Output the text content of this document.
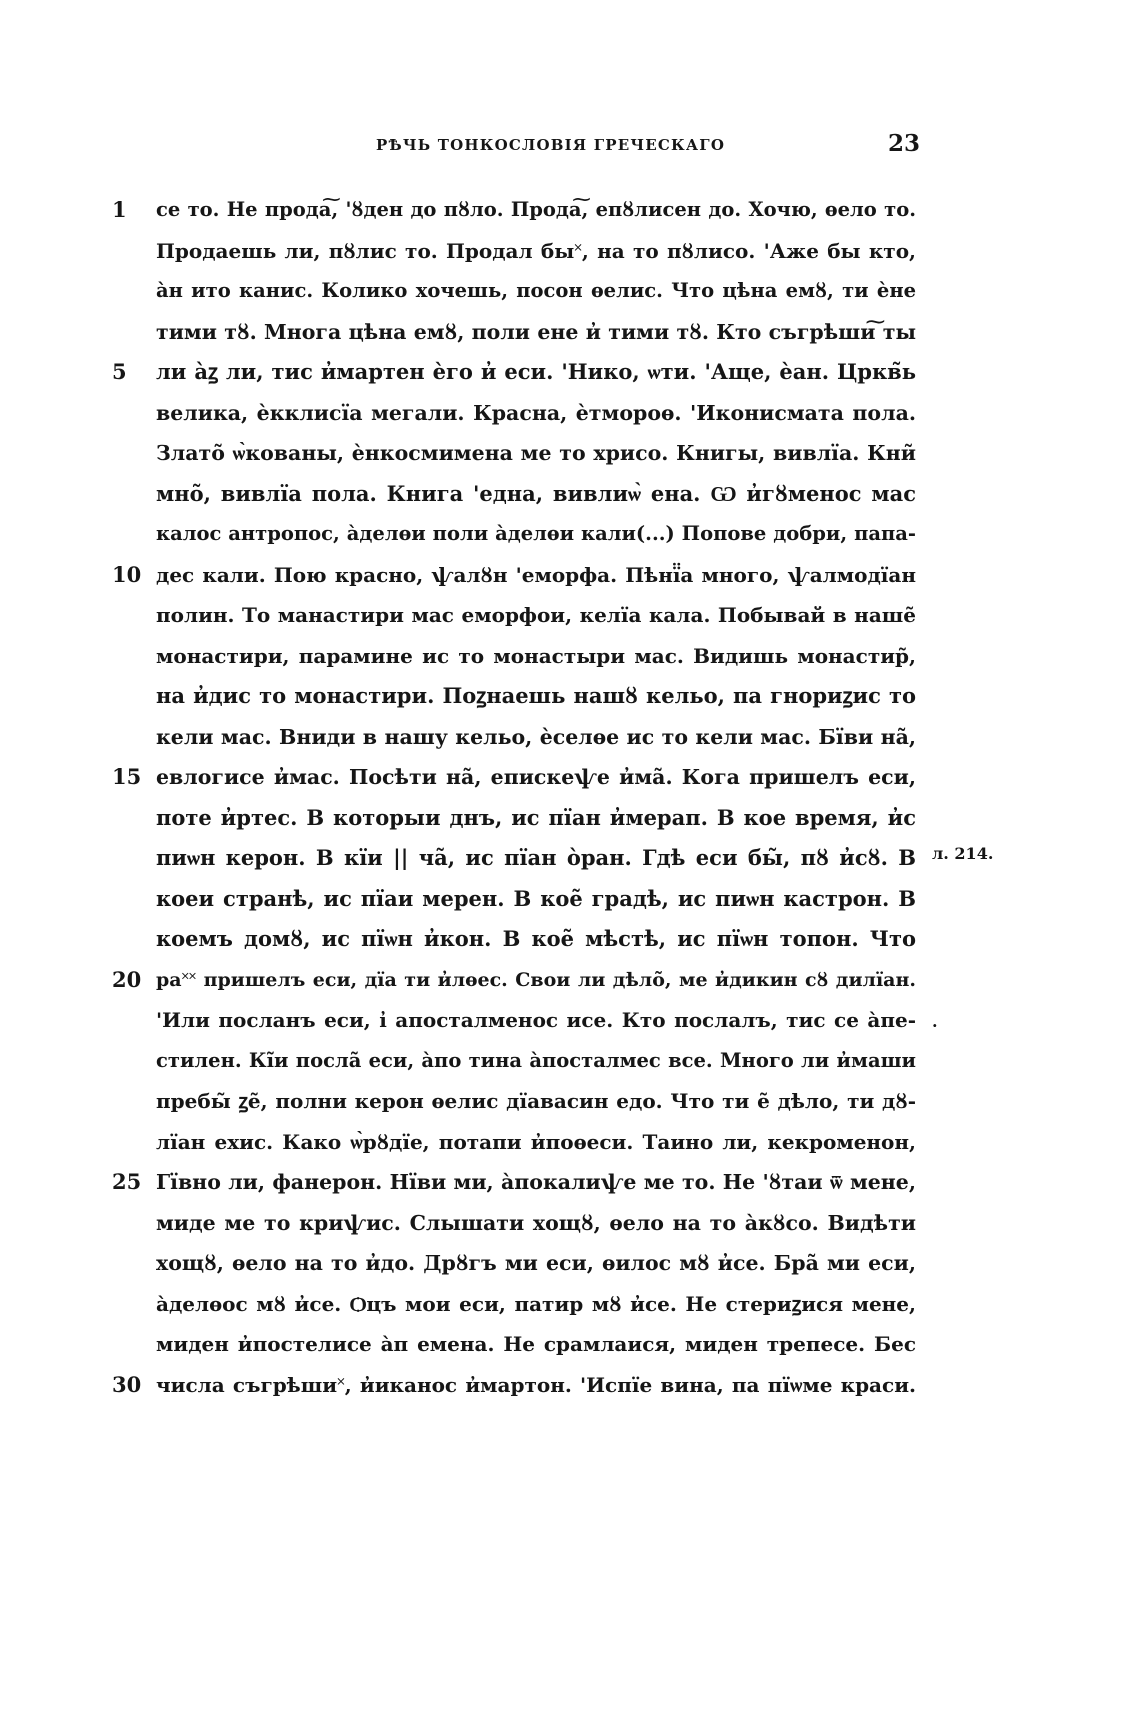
РѢЧЬ ТОНКОСЛОВІЯ ГРЕЧЕСКАГО	23
1	се то. Не прода͠, 'ȣден до пȣло. Прода͠, епȣлисен до. Хочю, ѳело то.
Продаешь ли, пȣлис то. Продал бы˟, на то пȣлисо. 'Аже бы кто,
а̀н ито канис. Колико хочешь, посон ѳелис. Что цѣна емȣ, ти ѐне
тими тȣ. Многа цѣна емȣ, поли ене и̓ тими тȣ. Кто съгрѣши͠ ты
5	ли а̀ꙁ ли, тис и̓мартен ѐго и̓ еси. 'Нико, ѡти. 'Аще, ѐан. Цркв̃ь
велика, ѐкклисїа мегали. Красна, ѐтмороѳ. 'Иконисмата пола.
Злато̃ ѡ̀кованы, ѐнкосмимена ме то хрисо. Книгы, вивлїа. Кни̃
мно̃, вивлїа пола. Книга 'една, вивлиѡ̀ ена. Ѡ и̓гȣменос мас
калос антропос, а̀делѳи поли а̀делѳи кали(...) Попове добри, папа-
10 дес кали. Пою красно, ѱалȣн 'еморфа. Пѣнї̈а много, ѱалмодїан
полин. То манастири мас еморфои, келїа кала. Побывай в наше̃
монастири, парамине ис то монастыри мас. Видишь монастир̃,
на и̓дис то монастири. Поꙁнаешь нашȣ кельо, па гнориꙁис то
кели мас. Вниди в нашу кельо, ѐселѳе ис то кели мас. Бїви на̃,
15 евлогисе и̓мас. Посѣти на̃, епискеѱе и̓ма̃. Кога пришелъ еси,
поте и̓ртес. В которыи днъ, ис пїан и̓мерап. В кое время, и̓с
пиѡн керон. В кїи || ча̃, ис пїан о̀ран. Гдѣ еси бы̃, пȣ и̓сȣ. В
коеи странѣ, ис пїаи мерен. В кое̃ градѣ, ис пиѡн кастрон. В
коемъ домȣ, ис пїѡн и̓кон. В кое̃ мѣстѣ, ис пїѡн топон. Что
20 ра˟˟ пришелъ еси, дїа ти и̓лѳес. Свои ли дѣло̃, ме и̓дикин сȣ дилїан.
'Или посланъ еси, і̓ апосталменос исе. Кто послалъ, тис се а̀пе-
стилен. Кі̃и посла̃ еси, а̀по тина а̀посталмес все. Много ли и̓маши
пребы̃ ꙁе̃, полни керон ѳелис дїавасин едо. Что ти е̃ дѣло, ти дȣ-
лїан ехис. Како ѡ̀рȣдїе, потапи и̓поѳеси. Таино ли, кекроменон,
25 Гївно ли, фанерон. Нїви ми, а̀покалиѱе ме то. Не 'ȣтаи ѿ мене,
миде ме то криѱис. Слышати хощȣ, ѳело на то а̀кȣсо. Видѣти
хощȣ, ѳело на то и̓до. Дрȣгъ ми еси, ѳилос мȣ и̓се. Бра̃ ми еси,
а̀делѳос мȣ и̓се. Ѻцъ мои еси, патир мȣ и̓се. Не стериꙁися мене,
миден и̓постелисе а̀п емена. Не срамлаися, миден трепесе. Бес
30 числа съгрѣши˟, и̓иканос и̓мартон. 'Испїе вина, па пїѡме краси.
л. 214.
·
